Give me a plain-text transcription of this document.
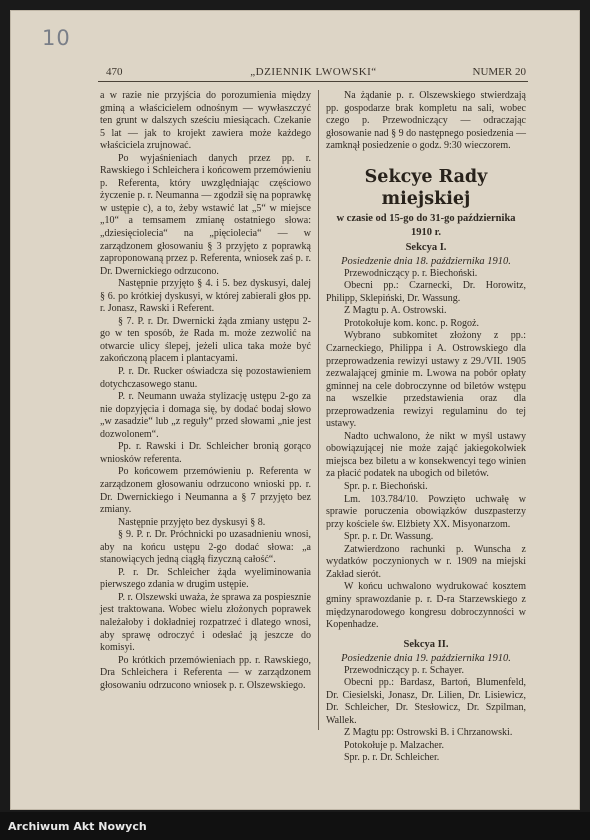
10
470	„DZIENNIK LWOWSKI“	NUMER 20

a w razie nie przyjścia do porozumienia między gminą a właścicielem odnośnym — wywłaszczyć ten grunt w dalszych sześciu miesiącach. Czekanie 5 lat — jak to krojekt zawiera może każdego właściciela zrujnować.

Po wyjaśnieniach danych przez pp. r. Rawskiego i Schleichera i końcowem przemówieniu p. Referenta, który uwzględniając częściowo życzenie p. r. Neumanna — zgodził się na poprawkę w ustępie c), a to, żeby wstawić lat „5“ w miejsce „10“ a temsamem zmianę ostatniego słowa: „dziesięciolecia“ na „pięciolecia“ — w zarządzonem głosowaniu § 3 przyjęto z poprawką zaproponowaną przez p. Referenta, wniosek zaś p. r. Dr. Dwernickiego odrzucono.

Następnie przyjęto § 4. i 5. bez dyskusyi, dalej § 6. po krótkiej dyskusyi, w której zabierali głos pp. r. Jonasz, Rawski i Referent.

§ 7. P. r. Dr. Dwernicki żąda zmiany ustępu 2-go w ten sposób, że Rada m. może zezwolić na otwarcie ulicy ślepej, jeżeli ulica taka może być zakończoną placem i plantacyami.

P. r. Dr. Rucker oświadcza się pozostawieniem dotychczasowego stanu.

P. r. Neumann uważa stylizację ustępu 2-go za nie dopzyjęcia i domaga się, by dodać bodaj słowo „w zasadzie“ lub „z reguły“ przed słowami „nie jest dozwolonem“.

Pp. r. Rawski i Dr. Schleicher bronią gorąco wniosków referenta.

Po końcowem przemówieniu p. Referenta w zarządzonem głosowaniu odrzucono wnioski pp. r. Dr. Dwernickiego i Neumanna a § 7 przyjęto bez zmiany.

Następnie przyjęto bez dyskusyi § 8.

§ 9. P. r. Dr. Próchnicki po uzasadnieniu wnosi, aby na końcu ustępu 2-go dodać słowa: „a stanowiących jedną ciągłą fizyczną całość“.

P. r. Dr. Schleicher żąda wyeliminowania pierwszego zdania w drugim ustępie.

P. r. Olszewski uważa, że sprawa za pospiesznie jest traktowana. Wobec wielu złożonych poprawek należałoby i dokładniej rozpatrzeć i dlatego wnosi, aby sprawę odroczyć i odesłać ją jeszcze do komisyi.

Po krótkich przemówieniach pp. r. Rawskiego, Dra Schleichera i Referenta — w zarządzonem głosowaniu odrzucono wniosek p. r. Olszewskiego.

Na żądanie p. r. Olszewskiego stwierdzają pp. gospodarze brak kompletu na sali, wobec czego p. Przewodniczący — odraczając głosowanie nad § 9 do następnego posiedzenia — zamknął posiedzenie o godz. 9:30 wieczorem.

Sekcye Rady miejskiej
w czasie od 15-go do 31-go października 1910 r.
Sekcya I.
Posiedzenie dnia 18. października 1910.

Przewodniczący p. r. Biechoński.

Obecni pp.: Czarnecki, Dr. Horowitz, Philipp, Sklepiński, Dr. Wassung.

Z Magtu p. A. Ostrowski.

Protokołuje kom. konc. p. Rogoż.

Wybrano subkomitet złożony z pp.: Czarneckiego, Philippa i A. Ostrowskiego dla przeprowadzenia rewizyi ustawy z 29./VII. 1905 zezwalającej gminie m. Lwowa na pobór opłaty gminnej na cele dobroczynne od biletów wstępu na wszelkie przedstawienia oraz dla przeprowadzenia rewizyi regulaminu do tej ustawy.

Nadto uchwalono, że nikt w myśl ustawy obowiązującej nie może zająć jakiegokolwiek miejsca bez biletu a w konsekwencyi tego winien za płacić podatek na ubogich od biletów.

Spr. p. r. Biechoński.

Lm. 103.784/10. Powzięto uchwałę w sprawie poruczenia obowiązków duszpasterzy przy kościele św. Elżbiety XX. Misyonarzom.

Spr. p. r. Dr. Wassung.

Zatwierdzono rachunki p. Wunscha z wydatków poczynionych w r. 1909 na miejski Zakład sierót.

W końcu uchwalono wydrukować kosztem gminy sprawozdanie p. r. D-ra Starzewskiego z międzynarodowego kongresu dobroczynności w Kopenhadze.

Sekcya II.
Posiedzenie dnia 19. października 1910.

Przewodniczący p. r. Schayer.

Obecni pp.: Bardasz, Bartoń, Blumenfeld, Dr. Ciesielski, Jonasz, Dr. Lilien, Dr. Lisiewicz, Dr. Schleicher, Dr. Stesłowicz, Dr. Szpilman, Wallek.

Z Magtu pp: Ostrowski B. i Chrzanowski.

Potokołuje p. Malzacher.

Spr. p. r. Dr. Schleicher.

Archiwum Akt Nowych
